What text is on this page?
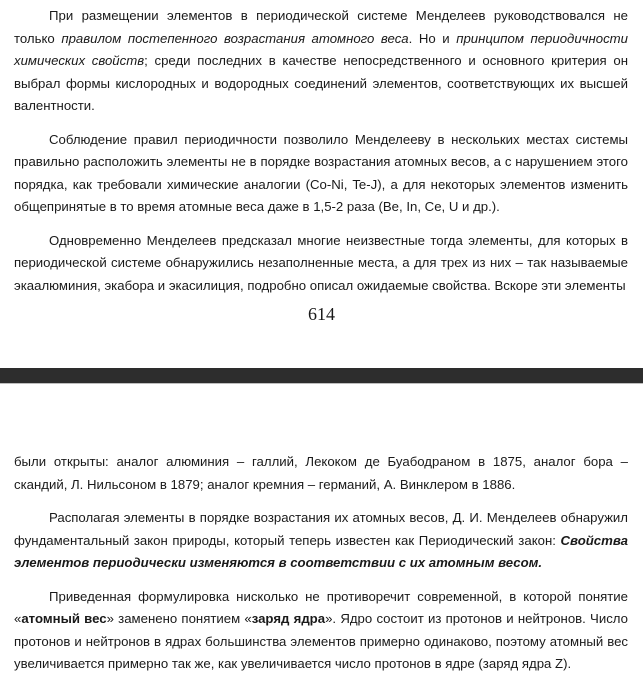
При размещении элементов в периодической системе Менделеев руководствовался не только правилом постепенного возрастания атомного веса. Но и принципом периодичности химических свойств; среди последних в качестве непосредственного и основного критерия он выбрал формы кислородных и водородных соединений элементов, соответствующих их высшей валентности.

Соблюдение правил периодичности позволило Менделееву в нескольких местах системы правильно расположить элементы не в порядке возрастания атомных весов, а с нарушением этого порядка, как требовали химические аналогии (Co-Ni, Te-J), а для некоторых элементов изменить общепринятые в то время атомные веса даже в 1,5-2 раза (Be, In, Ce, U и др.).

Одновременно Менделеев предсказал многие неизвестные тогда элементы, для которых в периодической системе обнаружились незаполненные места, а для трех из них – так называемые экаалюминия, экабора и экасилиция, подробно описал ожидаемые свойства. Вскоре эти элементы

614

были открыты: аналог алюминия – галлий, Лекоком де Буабодраном в 1875, аналог бора – скандий, Л. Нильсоном в 1879; аналог кремния – германий, А. Винклером в 1886.

Располагая элементы в порядке возрастания их атомных весов, Д. И. Менделеев обнаружил фундаментальный закон природы, который теперь известен как Периодический закон: Свойства элементов периодически изменяются в соответствии с их атомным весом.

Приведенная формулировка нисколько не противоречит современной, в которой понятие «атомный вес» заменено понятием «заряд ядра». Ядро состоит из протонов и нейтронов. Число протонов и нейтронов в ядрах большинства элементов примерно одинаково, поэтому атомный вес увеличивается примерно так же, как увеличивается число протонов в ядре (заряд ядра Z).
